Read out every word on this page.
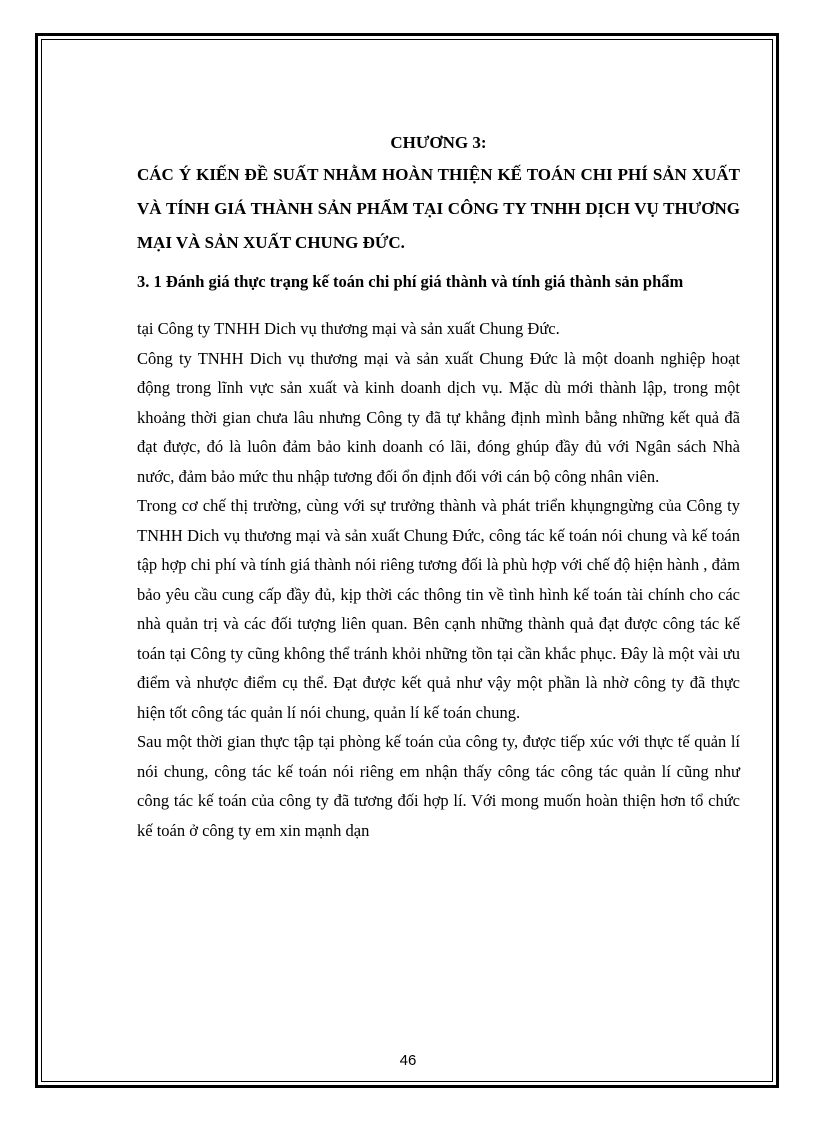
CHƯƠNG 3:
CÁC Ý KIẾN ĐỀ SUẤT NHẰM HOÀN THIỆN KẾ TOÁN CHI PHÍ SẢN XUẤT VÀ TÍNH GIÁ THÀNH SẢN PHẨM TẠI CÔNG TY TNHH DỊCH VỤ THƯƠNG MẠI VÀ SẢN XUẤT CHUNG ĐỨC.
3. 1 Đánh giá thực trạng kế toán chi phí giá thành và tính giá thành sản phẩm

tại Công ty TNHH Dich vụ thương mại và sản xuất Chung Đức.

Công ty TNHH Dich vụ thương mại và sản xuất Chung Đức là một doanh nghiệp hoạt động trong lĩnh vực sản xuất và kinh doanh dịch vụ. Mặc dù mới thành lập, trong một khoảng thời gian chưa lâu nhưng Công ty đã tự khẳng định mình bằng những kết quả đã đạt được, đó là luôn đảm bảo kinh doanh có lãi, đóng ghúp đầy đủ với Ngân sách Nhà nước, đảm bảo mức thu nhập tương đối ổn định đối với cán bộ công nhân viên.

Trong cơ chế thị trường, cùng với sự trưởng thành và phát triển khụngngừng của Công ty TNHH Dich vụ thương mại và sản xuất Chung Đức, công tác kế toán nói chung và kế toán tập hợp chi phí và tính giá thành nói riêng tương đối là phù hợp với chế độ hiện hành , đảm bảo yêu cầu cung cấp đầy đủ, kịp thời các thông tin về tình hình kế toán tài chính cho các nhà quản trị và các đối tượng liên quan. Bên cạnh những thành quả đạt được công tác kế toán tại Công ty cũng không thể tránh khỏi những tồn tại cần khắc phục. Đây là một vài ưu điểm và nhược điểm cụ thể. Đạt được kết quả như vậy một phần là nhờ công ty đã thực hiện tốt công tác quản lí nói chung, quản lí kế toán chung.

Sau một thời gian thực tập tại phòng kế toán của công ty, được tiếp xúc với thực tế quản lí nói chung, công tác kế toán nói riêng em nhận thấy công tác công tác quản lí cũng như công tác kế toán của công ty đã tương đối hợp lí. Với mong muốn hoàn thiện hơn tổ chức kế toán ở công ty em xin mạnh dạn

46
